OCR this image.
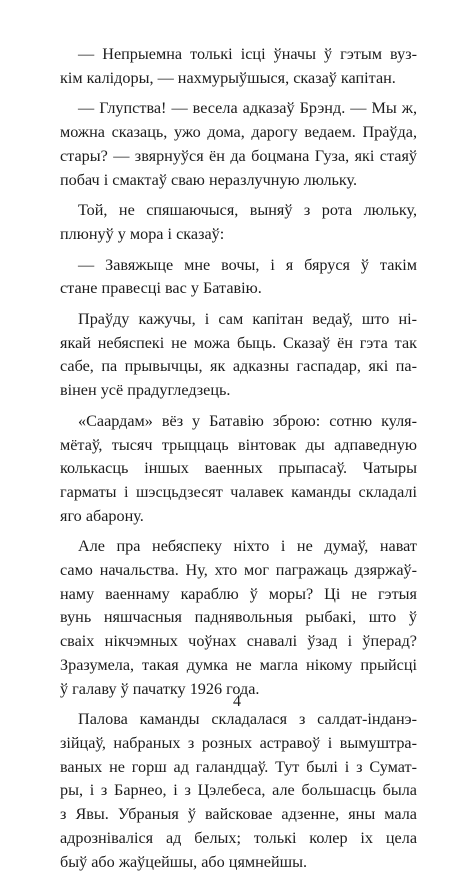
— Непрыемна толькі ісці ўначы ў гэтым вуз-
кім калідоры, — нахмурыўшыся, сказаў капітан.

— Глупства! — весела адказаў Брэнд. — Мы ж,
можна сказаць, ужо дома, дарогу ведаем. Праўда,
стары? — звярнуўся ён да боцмана Гуза, які стаяў
побач і смактаў сваю неразлучную люльку.

Той, не спяшаючыся, выняў з рота люльку,
плюнуў у мора і сказаў:

— Завяжыце мне вочы, і я бяруся ў такім
стане правесці вас у Батавію.

Праўду кажучы, і сам капітан ведаў, што ні-
якай небяспекі не можа быць. Сказаў ён гэта так
сабе, па прывычцы, як адказны гаспадар, які па-
вінен усё прадугледзець.

«Саардам» вёз у Батавію зброю: сотню куля-
мётаў, тысяч трыццаць вінтовак ды адпаведную
колькасць іншых ваенных прыпасаў. Чатыры
гарматы і шэсцьдзесят чалавек каманды складалі
яго абарону.

Але пра небяспеку ніхто і не думаў, нават
само начальства. Ну, хто мог пагражаць дзяржаў-
наму ваеннаму караблю ў моры? Ці не гэтыя
вунь няшчасныя паднявольныя рыбакі, што ў
сваіх нікчэмных чоўнах снавалі ўзад і ўперад?
Зразумела, такая думка не магла нікому прыйсці
ў галаву ў пачатку 1926 года.

Палова каманды складалася з салдат-інданэ-
зійцаў, набраных з розных астравоў і вымуштра-
ваных не горш ад галандцаў. Тут былі і з Сумат-
ры, і з Барнео, і з Цэлебеса, але большасць была
з Явы. Убраныя ў вайсковае адзенне, яны мала
адрозніваліся ад белых; толькі колер іх цела
быў або жаўцейшы, або цямнейшы.

4
